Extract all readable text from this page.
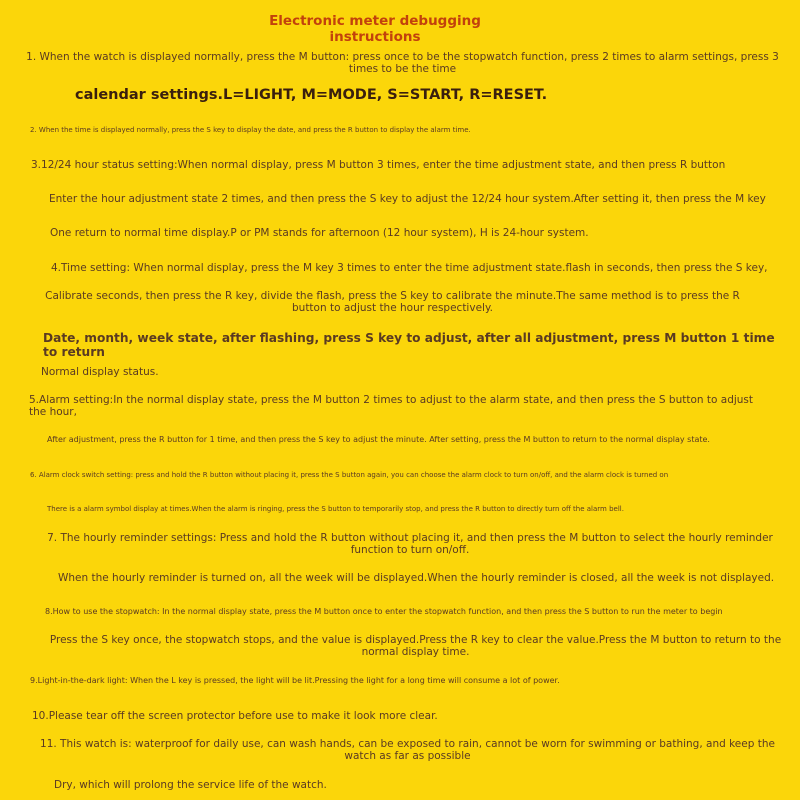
Electronic meter debugging instructions
1. When the watch is displayed normally, press the M button: press once to be the stopwatch function, press 2 times to alarm settings, press 3 times to be the time
calendar settings.L=LIGHT, M=MODE, S=START, R=RESET.
2. When the time is displayed normally, press the S key to display the date, and press the R button to display the alarm time.
3.12/24 hour status setting:When normal display, press M button 3 times, enter the time adjustment state, and then press R button
Enter the hour adjustment state 2 times, and then press the S key to adjust the 12/24 hour system.After setting it, then press the M key
One return to normal time display.P or PM stands for afternoon (12 hour system), H is 24-hour system.
4.Time setting: When normal display, press the M key 3 times to enter the time adjustment state.flash in seconds, then press the S key,
Calibrate seconds, then press the R key, divide the flash, press the S key to calibrate the minute.The same method is to press the R button to adjust the hour respectively.
Date, month, week state, after flashing, press S key to adjust, after all adjustment, press M button 1 time to return
Normal display status.
5.Alarm setting:In the normal display state, press the M button 2 times to adjust to the alarm state, and then press the S button to adjust the hour,
After adjustment, press the R button for 1 time, and then press the S key to adjust the minute. After setting, press the M button to return to the normal display state.
6. Alarm clock switch setting: press and hold the R button without placing it, press the S button again, you can choose the alarm clock to turn on/off, and the alarm clock is turned on
There is a alarm symbol display at times.When the alarm is ringing, press the S button to temporarily stop, and press the R button to directly turn off the alarm bell.
7. The hourly reminder settings: Press and hold the R button without placing it, and then press the M button to select the hourly reminder function to turn on/off.
When the hourly reminder is turned on, all the week will be displayed.When the hourly reminder is closed, all the week is not displayed.
8.How to use the stopwatch: In the normal display state, press the M button once to enter the stopwatch function, and then press the S button to run the meter to begin
Press the S key once, the stopwatch stops, and the value is displayed.Press the R key to clear the value.Press the M button to return to the normal display time.
9.Light-in-the-dark light: When the L key is pressed, the light will be lit.Pressing the light for a long time will consume a lot of power.
10.Please tear off the screen protector before use to make it look more clear.
11. This watch is: waterproof for daily use, can wash hands, can be exposed to rain, cannot be worn for swimming or bathing, and keep the watch as far as possible
Dry, which will prolong the service life of the watch.
